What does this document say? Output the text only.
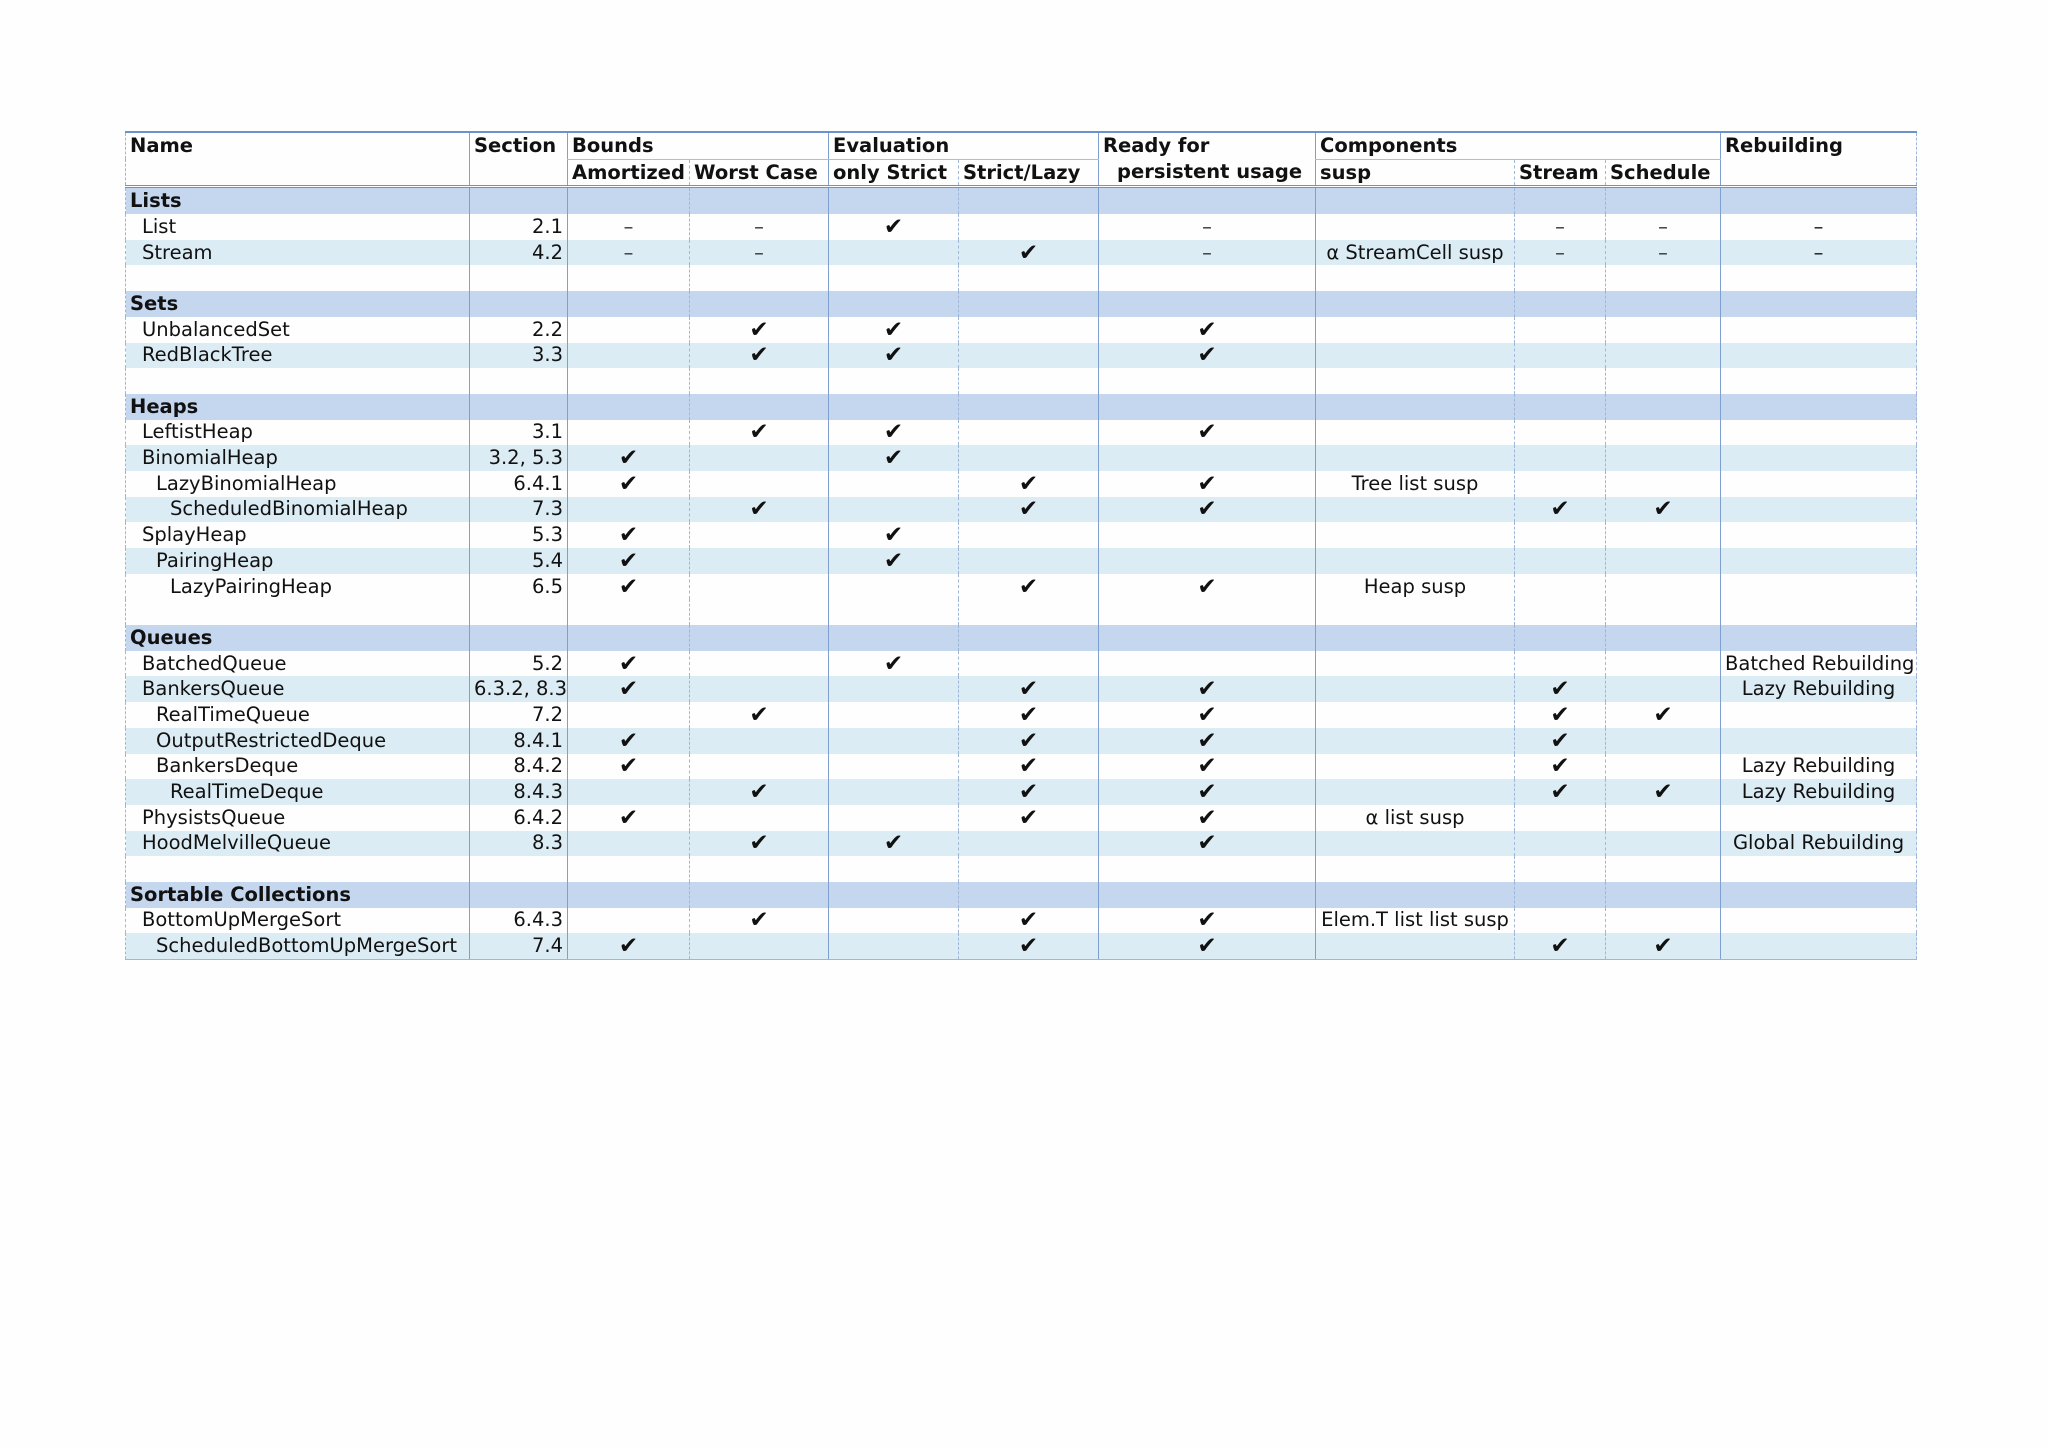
Name	Section	Bounds		Evaluation		Ready for	Components			Rebuilding
		Amortized	Worst Case	only Strict	Strict/Lazy	persistent usage	susp	Stream	Schedule	
Lists										
List	2.1	–	–	✔		–		–	–	–
Stream	4.2	–	–		✔	–	α StreamCell susp	–	–	–

Sets										
UnbalancedSet	2.2		✔	✔		✔				
RedBlackTree	3.3		✔	✔		✔				

Heaps										
LeftistHeap	3.1		✔	✔		✔				
BinomialHeap	3.2, 5.3	✔		✔						
LazyBinomialHeap	6.4.1	✔			✔	✔	Tree list susp			
ScheduledBinomialHeap	7.3		✔		✔	✔		✔	✔	
SplayHeap	5.3	✔		✔						
PairingHeap	5.4	✔		✔						
LazyPairingHeap	6.5	✔			✔	✔	Heap susp			

Queues										
BatchedQueue	5.2	✔		✔						Batched Rebuilding
BankersQueue	6.3.2, 8.3	✔			✔	✔		✔		Lazy Rebuilding
RealTimeQueue	7.2		✔		✔	✔		✔	✔	
OutputRestrictedDeque	8.4.1	✔			✔	✔		✔		
BankersDeque	8.4.2	✔			✔	✔		✔		Lazy Rebuilding
RealTimeDeque	8.4.3		✔		✔	✔		✔	✔	Lazy Rebuilding
PhysistsQueue	6.4.2	✔			✔	✔	α list susp			
HoodMelvilleQueue	8.3		✔	✔		✔				Global Rebuilding

Sortable Collections										
BottomUpMergeSort	6.4.3		✔		✔	✔	Elem.T list list susp			
ScheduledBottomUpMergeSort	7.4	✔			✔	✔		✔	✔	
